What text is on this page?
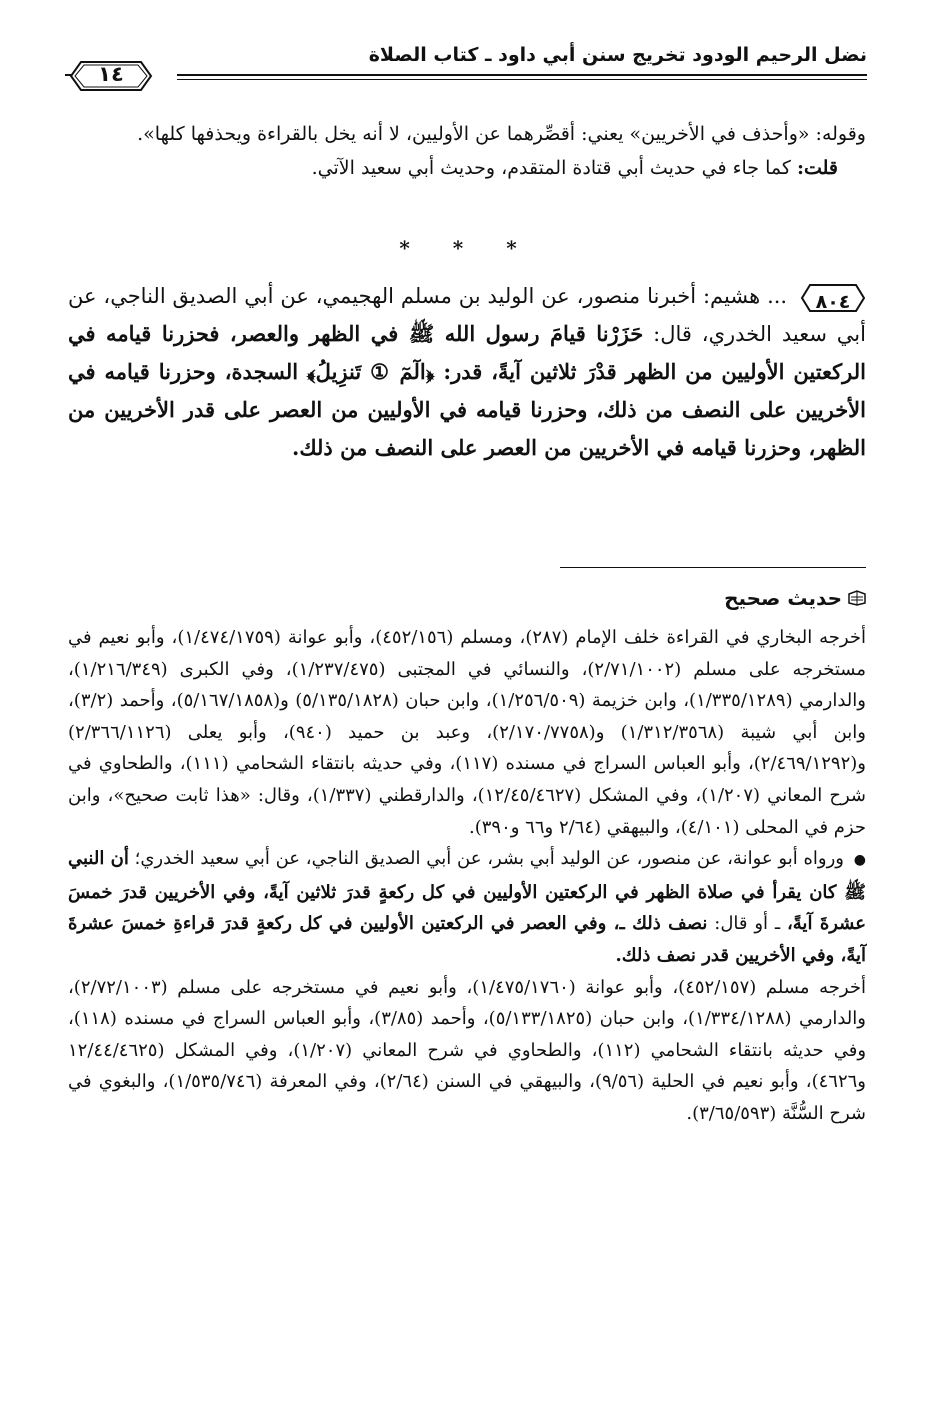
نضل الرحيم الودود تخريج سنن أبي داود ـ كتاب الصلاة
١٤

وقوله: «وأحذف في الأخريين» يعني: أقصِّرهما عن الأوليين، لا أنه يخل بالقراءة ويحذفها كلها».

قلت: كما جاء في حديث أبي قتادة المتقدم، وحديث أبي سعيد الآتي.

* * *

٨٠٤
... هشيم: أخبرنا منصور، عن الوليد بن مسلم الهجيمي، عن أبي الصديق الناجي، عن أبي سعيد الخدري، قال: حَزَرْنا قيامَ رسول الله ﷺ في الظهر والعصر، فحزرنا قيامه في الركعتين الأوليين من الظهر قدْرَ ثلاثين آيةً، قدر: ﴿الٓمٓ ① تَنزِيلُ﴾ السجدة، وحزرنا قيامه في الأخريين على النصف من ذلك، وحزرنا قيامه في الأوليين من العصر على قدر الأخريين من الظهر، وحزرنا قيامه في الأخريين من العصر على النصف من ذلك.

حديث صحيح

أخرجه البخاري في القراءة خلف الإمام (٢٨٧)، ومسلم (٤٥٢/١٥٦)، وأبو عوانة (١/٤٧٤/١٧٥٩)، وأبو نعيم في مستخرجه على مسلم (٢/٧١/١٠٠٢)، والنسائي في المجتبى (١/٢٣٧/٤٧٥)، وفي الكبرى (١/٢١٦/٣٤٩)، والدارمي (١/٣٣٥/١٢٨٩)، وابن خزيمة (١/٢٥٦/٥٠٩)، وابن حبان (٥/١٣٥/١٨٢٨) و(٥/١٦٧/١٨٥٨)، وأحمد (٣/٢)، وابن أبي شيبة (١/٣١٢/٣٥٦٨) و(٢/١٧٠/٧٧٥٨)، وعبد بن حميد (٩٤٠)، وأبو يعلى (٢/٣٦٦/١١٢٦) و(٢/٤٦٩/١٢٩٢)، وأبو العباس السراج في مسنده (١١٧)، وفي حديثه بانتقاء الشحامي (١١١)، والطحاوي في شرح المعاني (١/٢٠٧)، وفي المشكل (١٢/٤٥/٤٦٢٧)، والدارقطني (١/٣٣٧)، وقال: «هذا ثابت صحيح»، وابن حزم في المحلى (٤/١٠١)، والبيهقي (٢/٦٤ و٦٦ و٣٩٠).

● ورواه أبو عوانة، عن منصور، عن الوليد أبي بشر، عن أبي الصديق الناجي، عن أبي سعيد الخدري؛ أن النبي ﷺ كان يقرأ في صلاة الظهر في الركعتين الأوليين في كل ركعةٍ قدرَ ثلاثين آيةً، وفي الأخريين قدرَ خمسَ عشرةَ آيةً، ـ أو قال: نصف ذلك ـ، وفي العصر في الركعتين الأوليين في كل ركعةٍ قدرَ قراءةِ خمسَ عشرةَ آيةً، وفي الأخريين قدر نصف ذلك.

أخرجه مسلم (٤٥٢/١٥٧)، وأبو عوانة (١/٤٧٥/١٧٦٠)، وأبو نعيم في مستخرجه على مسلم (٢/٧٢/١٠٠٣)، والدارمي (١/٣٣٤/١٢٨٨)، وابن حبان (٥/١٣٣/١٨٢٥)، وأحمد (٣/٨٥)، وأبو العباس السراج في مسنده (١١٨)، وفي حديثه بانتقاء الشحامي (١١٢)، والطحاوي في شرح المعاني (١/٢٠٧)، وفي المشكل (١٢/٤٤/٤٦٢٥ و٤٦٢٦)، وأبو نعيم في الحلية (٩/٥٦)، والبيهقي في السنن (٢/٦٤)، وفي المعرفة (١/٥٣٥/٧٤٦)، والبغوي في شرح السُّنَّة (٣/٦٥/٥٩٣).
